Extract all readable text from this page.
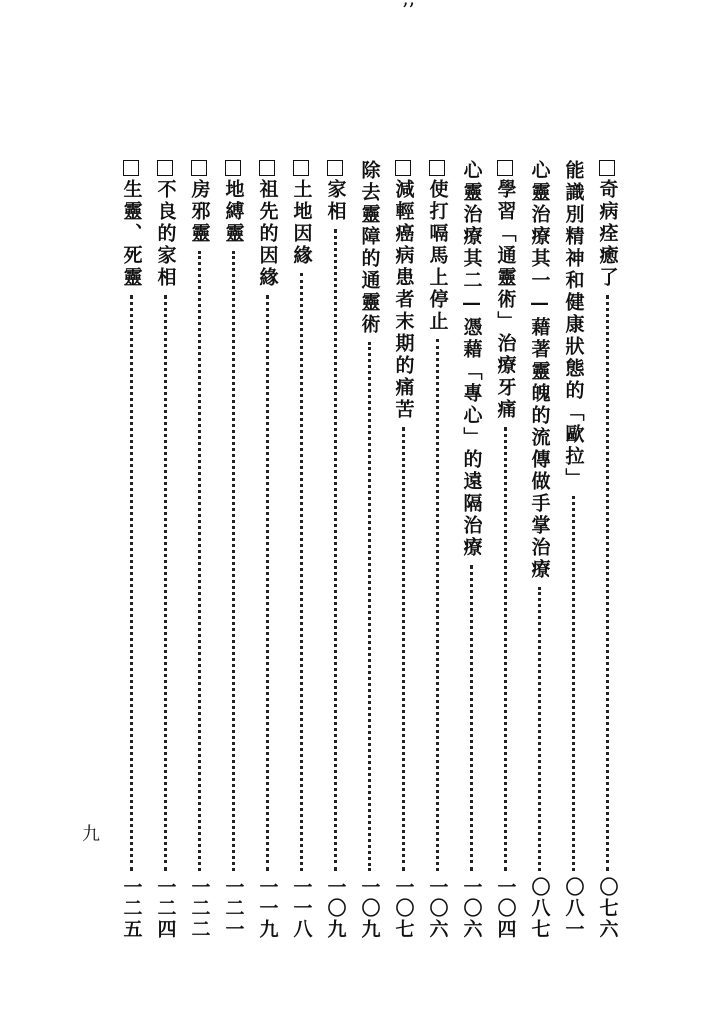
’’
奇病痊癒了
〇七六
能識別精神和健康狀態的「歐拉」
〇八一
心靈治療其一—藉著靈魄的流傳做手掌治療
〇八七
學習「通靈術」治療牙痛
一〇四
心靈治療其二—憑藉「專心」的遠隔治療
一〇六
使打嗝馬上停止
一〇六
減輕癌病患者末期的痛苦
一〇七
除去靈障的通靈術
一〇九
家相
一〇九
土地因緣
一一八
祖先的因緣
一一九
地縛靈
一二一
房邪靈
一二二
不良的家相
一二四
生靈、死靈
一二五
九
